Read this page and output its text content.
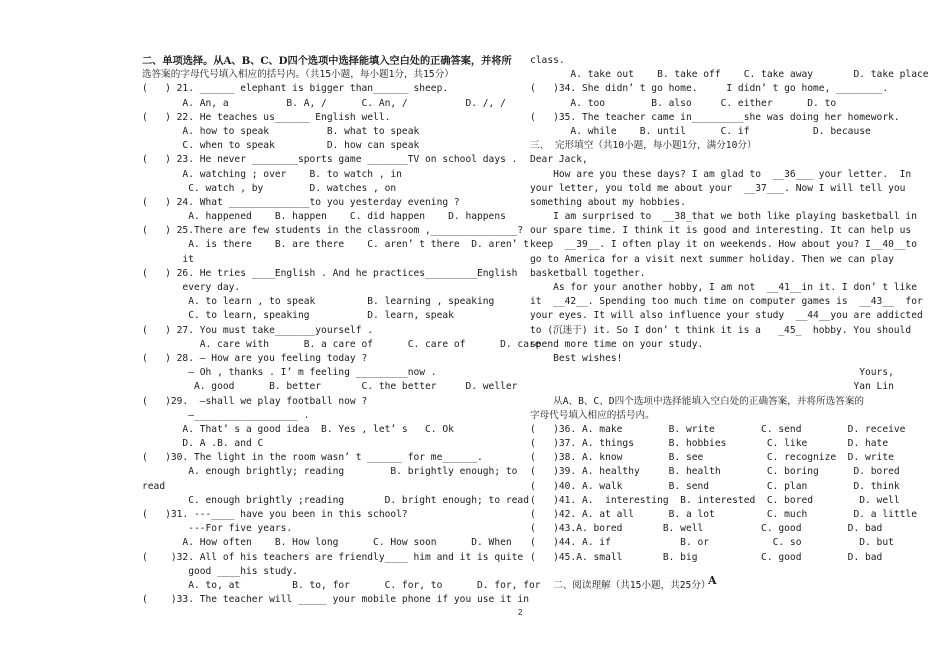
二、单项选择。从A、B、C、D四个选项中选择能填入空白处的正确答案，并将所
选答案的字母代号填入相应的括号内。（共15小题，每小题1分，共15分）
(   ) 21. ______ elephant is bigger than______ sheep.
A. An, a          B. A, /      C. An, /          D. /, /
(   ) 22. He teaches us______ English well.
A. how to speak          B. what to speak
C. when to speak         D. how can speak
(   ) 23. He never ________sports game _______TV on school days .
A. watching ; over    B. to watch , in
C. watch , by        D. watches , on
(   ) 24. What ______________to you yesterday evening ?
A. happened    B. happen    C. did happen    D. happens
(   ) 25.There are few students in the classroom ,_______________?
A. is there    B. are there    C. aren’ t there  D. aren’ t
it
(   ) 26. He tries ____English . And he practices_________English
every day.
A. to learn , to speak         B. learning , speaking
C. to learn, speaking          D. learn, speak
(   ) 27. You must take_______yourself .
A. care with      B. a care of      C. care of      D. care
(   ) 28. — How are you feeling today ?
— Oh , thanks . I’ m feeling _________now .
A. good      B. better       C. the better     D. weller
(   )29.  —shall we play football now ?
—__________________ .
A. That’ s a good idea  B. Yes , let’ s   C. Ok
D. A .B. and C
(   )30. The light in the room wasn’ t ______ for me______.
A. enough brightly; reading        B. brightly enough; to
read
C. enough brightly ;reading       D. bright enough; to read
(   )31. ---____ have you been in this school?
---For five years.
A. How often    B. How long      C. How soon      D. When
(    )32. All of his teachers are friendly____ him and it is quite
good ____his study.
A. to, at         B. to, for      C. for, to      D. for, for
(    )33. The teacher will _____ your mobile phone if you use it in
class.
A. take out    B. take off    C. take away       D. take place
(   )34. She didn’ t go home.     I didn’ t go home, ________.
A. too        B. also     C. either      D. to
(   )35. The teacher came in_________she was doing her homework.
A. while    B. until      C. if           D. because
三、 完形填空（共10小题，每小题1分，满分10分）
Dear Jack,
How are you these days? I am glad to  __36___ your letter.  In
your letter, you told me about your  __37___. Now I will tell you
something about my hobbies.
I am surprised to  __38_that we both like playing basketball in
our spare time. I think it is good and interesting. It can help us
keep  __39__. I often play it on weekends. How about you? I__40__to
go to America for a visit next summer holiday. Then we can play
basketball together.
As for your another hobby, I am not  __41__in it. I don’ t like
it  __42__. Spending too much time on computer games is  __43__  for
your eyes. It will also influence your study  __44__you are addicted
to (沉迷于) it. So I don’ t think it is a   _45_  hobby. You should
spend more time on your study.
Best wishes!
Yours,
Yan Lin
从A、B、C、D四个选项中选择能填入空白处的正确答案，并将所选答案的
字母代号填入相应的括号内。
(   )36. A. make        B. write        C. send        D. receive
(   )37. A. things      B. hobbies       C. like       D. hate
(   )38. A. know        B. see           C. recognize  D. write
(   )39. A. healthy     B. health        C. boring      D. bored
(   )40. A. walk        B. send          C. plan        D. think
(   )41. A.  interesting  B. interested  C. bored        D. well
(   )42. A. at all      B. a lot         C. much        D. a little
(   )43.A. bored       B. well          C. good        D. bad
(   )44. A. if            B. or           C. so          D. but
(   )45.A. small       B. big           C. good        D. bad
二、阅读理解（共15小题，共25分）
A
2
